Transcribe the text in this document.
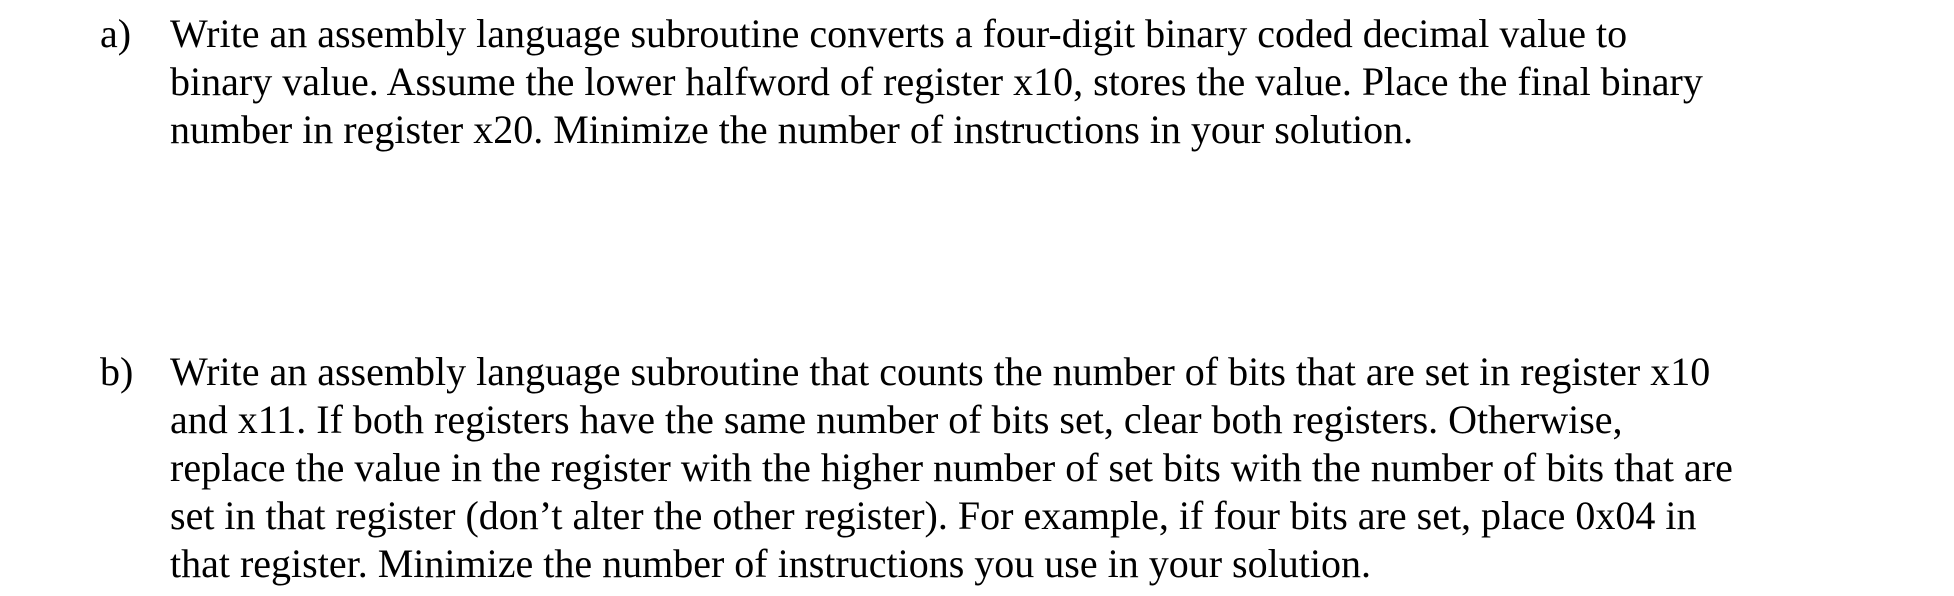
a) Write an assembly language subroutine converts a four-digit binary coded decimal value to
binary value. Assume the lower halfword of register x10, stores the value. Place the final binary
number in register x20. Minimize the number of instructions in your solution.
b) Write an assembly language subroutine that counts the number of bits that are set in register x10
and x11. If both registers have the same number of bits set, clear both registers. Otherwise,
replace the value in the register with the higher number of set bits with the number of bits that are
set in that register (don’t alter the other register). For example, if four bits are set, place 0x04 in
that register. Minimize the number of instructions you use in your solution.
